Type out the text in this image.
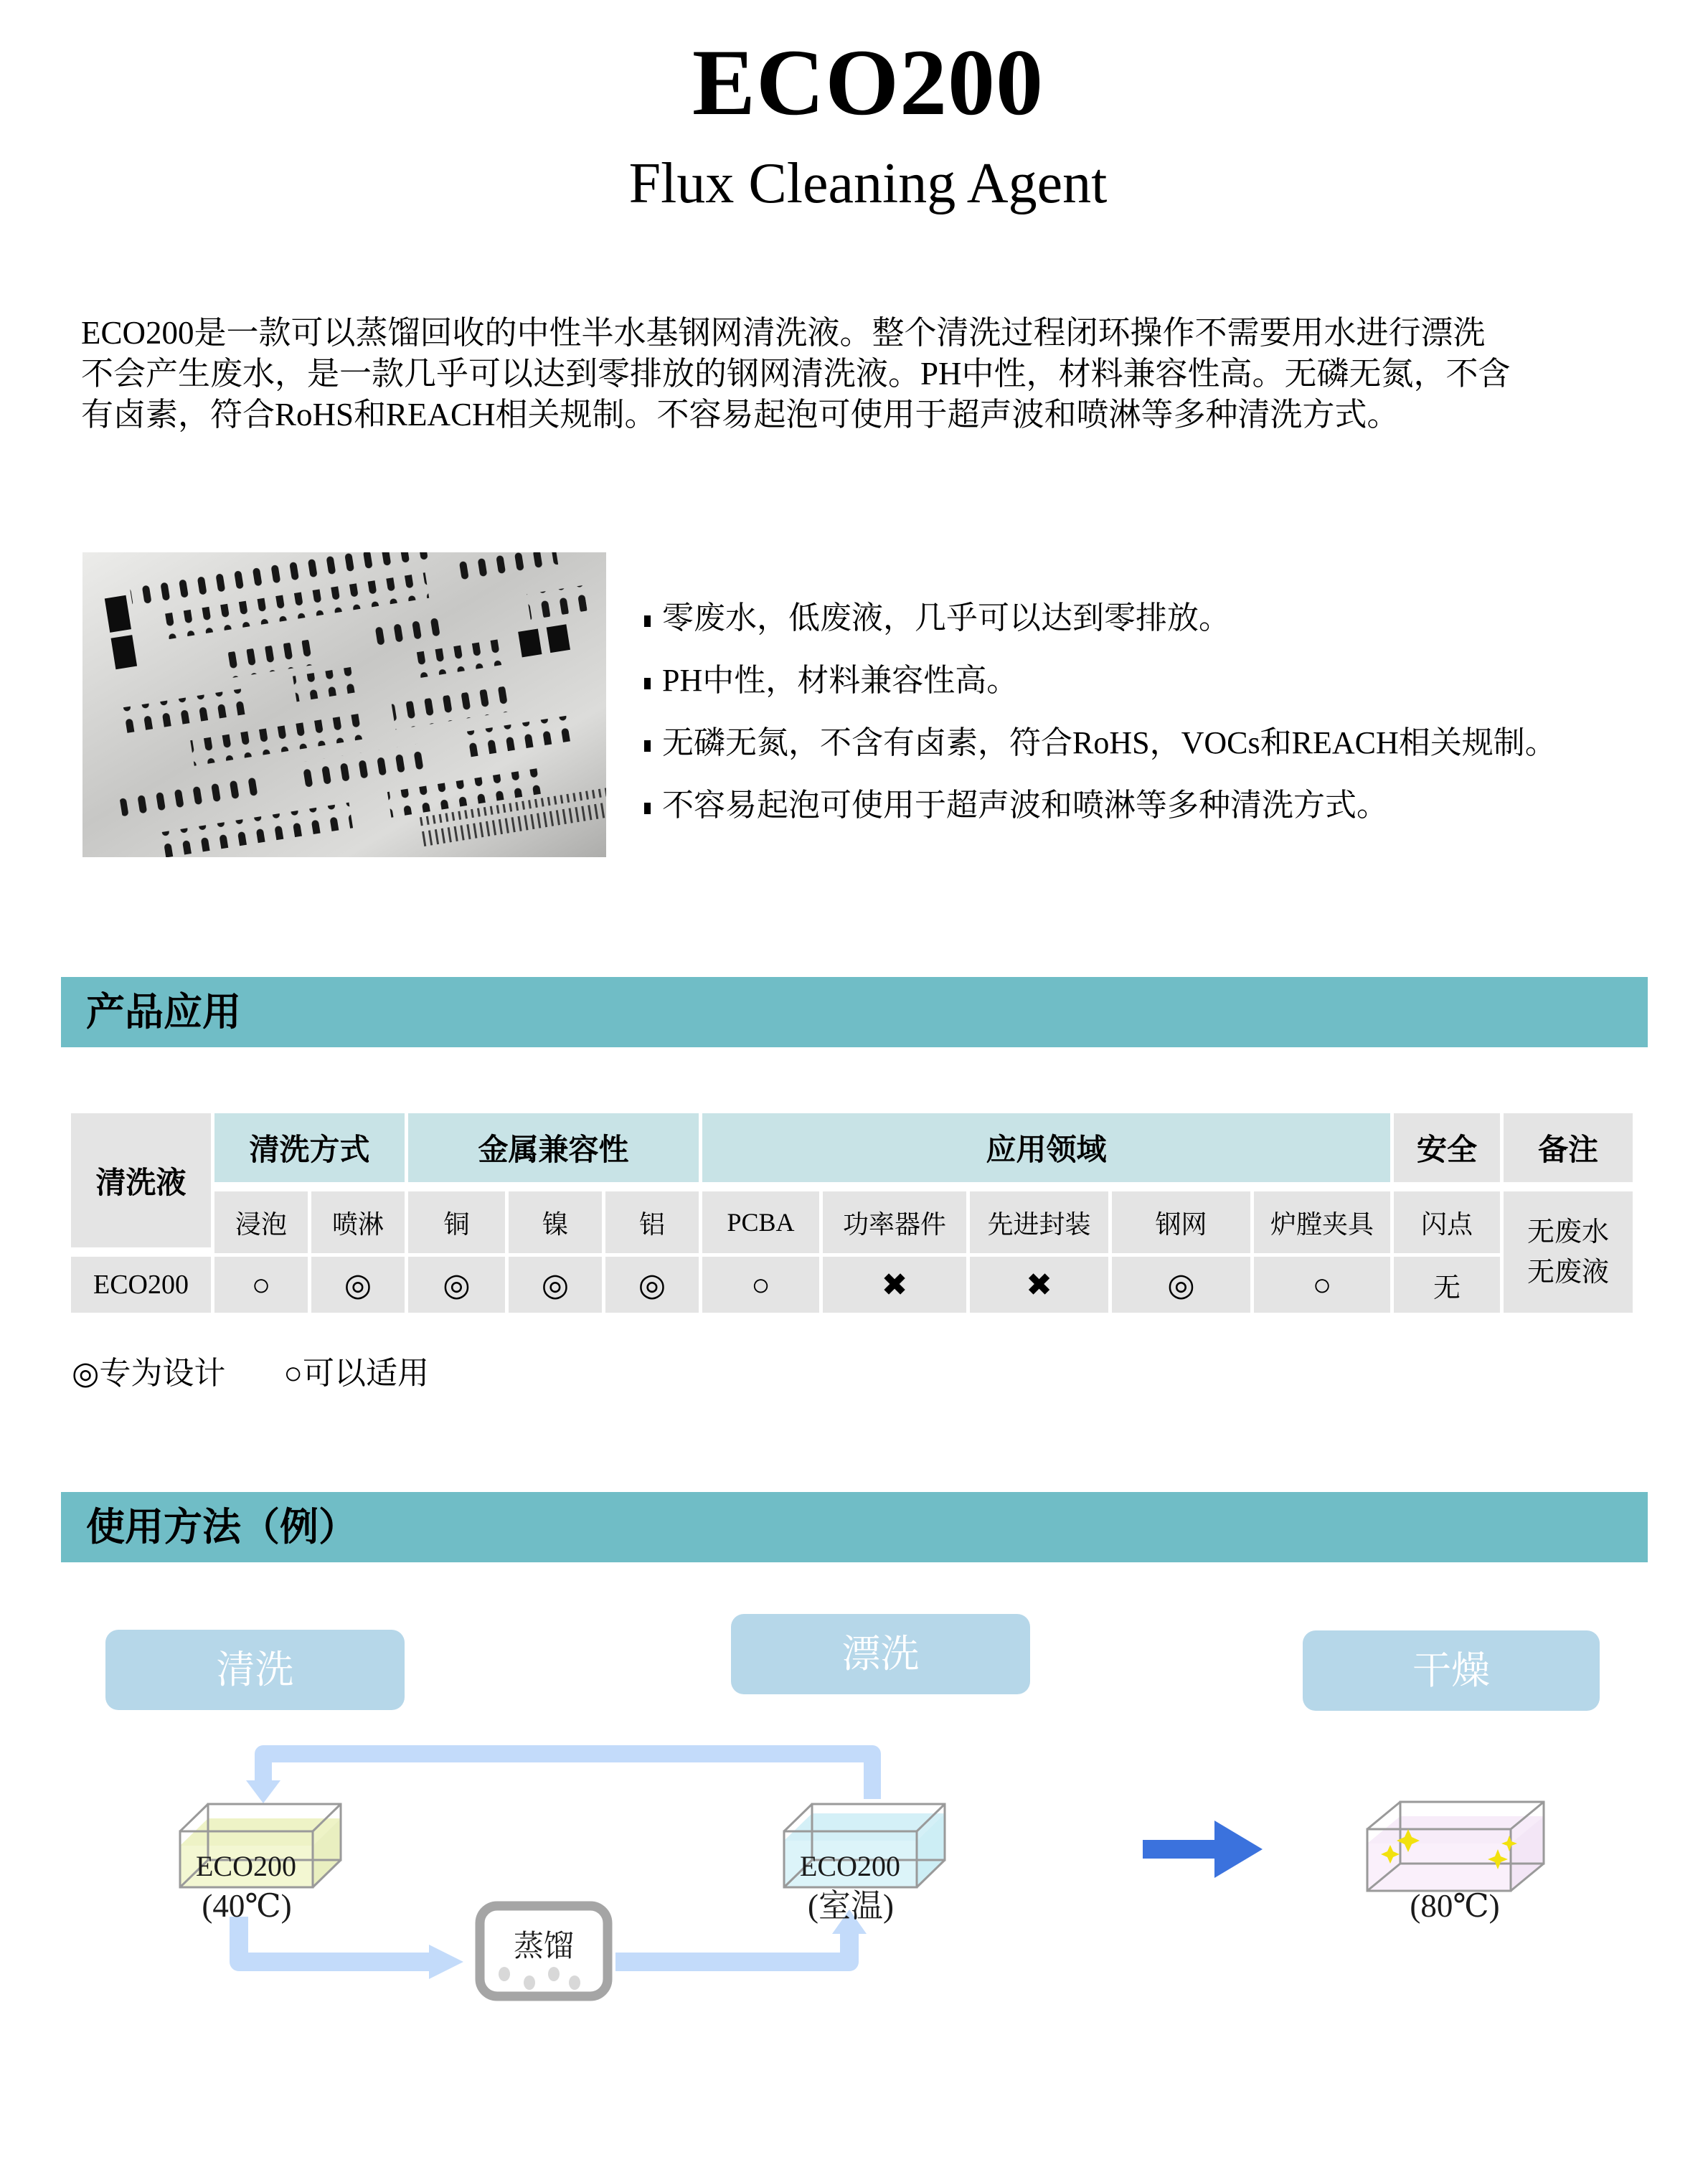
ECO200
Flux Cleaning Agent
ECO200是一款可以蒸馏回收的中性半水基钢网清洗液。整个清洗过程闭环操作不需要用水进行漂洗
不会产生废水，是一款几乎可以达到零排放的钢网清洗液。PH中性，材料兼容性高。无磷无氮，不含
有卤素，符合RoHS和REACH相关规制。不容易起泡可使用于超声波和喷淋等多种清洗方式。
零废水，低废液，几乎可以达到零排放。
PH中性，材料兼容性高。
无磷无氮，不含有卤素，符合RoHS，VOCs和REACH相关规制。
不容易起泡可使用于超声波和喷淋等多种清洗方式。
产品应用
清洗液	清洗方式		金属兼容性			应用领域					安全	备注
	浸泡	喷淋	铜	镍	铝	PCBA	功率器件	先进封装	钢网	炉膛夹具	闪点	无废水
无废液

ECO200	○	◎	◎	◎	◎	○	✖	✖	◎	○	无	
◎专为设计 ○可以适用
使用方法（例）
清洗	漂洗	干燥
ECO200
(40℃)
蒸馏
ECO200
(室温)	(80℃)
